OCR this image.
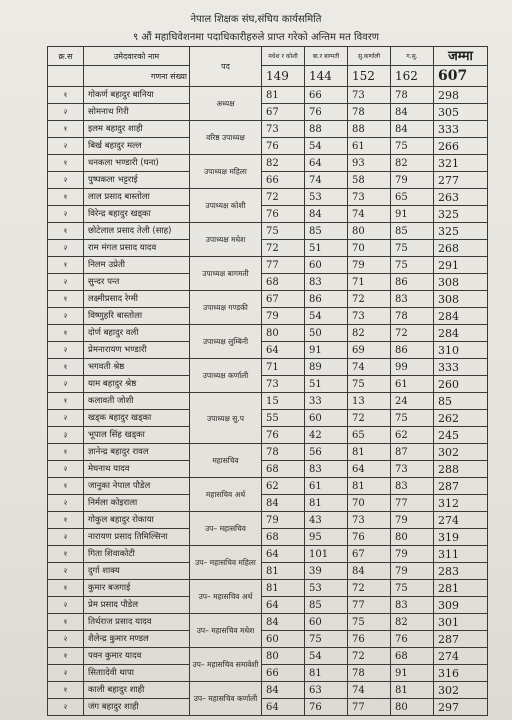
नेपाल शिक्षक संघ,संघिय कार्यसमिति
९ औं महाधिवेशनमा पदाधिकारीहरुले प्राप्त गरेको अन्तिम मत विवरण
क्र.स	उमेदवारको नाम	पद	मधेश र कोशी	बा.र बाग्मती	सु.कर्णाली	ग.सु.	जम्मा
	गणना संख्या		149	144	152	162	607
१	गोकर्ण बहादुर बानिया	अध्यक्ष	81	66	73	78	298
२	सोमनाथ गिरी		67	76	78	84	305
१	इलम बहादुर शाही	वरिष्ठ उपाध्यक्ष	73	88	88	84	333
२	बिर्ख बहादुर मल्ल		76	54	61	75	266
१	धनकला भण्डारी (घना)	उपाध्यक्ष महिला	82	64	93	82	321
२	पुष्पकला भट्टराई		66	74	58	79	277
१	लाल प्रसाद बास्तोला	उपाध्यक्ष कोशी	72	53	73	65	263
२	विरेन्द्र बहादुर खड्का		76	84	74	91	325
१	छोटेलाल प्रसाद तेली (साह)	उपाध्यक्ष मधेश	75	85	80	85	325
२	राम मंगल प्रसाद यादव		72	51	70	75	268
१	निलम उप्रेती	उपाध्यक्ष बागमती	77	60	79	75	291
२	सुन्दर पन्त		68	83	71	86	308
१	लक्ष्मीप्रसाद रेग्मी	उपाध्यक्ष गण्डकी	67	86	72	83	308
२	विष्णुहरि बास्तोला		79	54	73	78	284
१	दोर्ण बहादुर वली	उपाध्यक्ष लुम्बिनी	80	50	82	72	284
२	प्रेमनारायण भण्डारी		64	91	69	86	310
१	भगवती श्रेष्ठ	उपाध्यक्ष कर्णाली	71	89	74	99	333
२	याम बहादुर श्रेष्ठ		73	51	75	61	260
१	कलावती जोशी	उपाध्यक्ष सु.प	15	33	13	24	85
२	खड्क बहादुर खड्का		55	60	72	75	262
३	भूपाल सिंह खड्का		76	42	65	62	245
१	ज्ञानेन्द्र बहादुर रावल	महासचिव	78	56	81	87	302
२	मेघनाथ यादव		68	83	64	73	288
१	जानुका नेपाल पौडेल	महासचिव अर्थ	62	61	81	83	287
२	निर्मला कोइराला		84	81	70	77	312
१	गोकुल बहादुर रोकाया	उप– महासचिव	79	43	73	79	274
२	नारायण प्रसाद तिमिल्सिना		68	95	76	80	319
१	गिता शिवाकोटी	उप– महासचिव महिला	64	101	67	79	311
२	दुर्गा शाक्य		81	39	84	79	283
१	कुमार बजगाई	उप– महासचिव अर्थ	81	53	72	75	281
२	प्रेम प्रसाद पौडेल		64	85	77	83	309
१	तिर्थराज प्रसाद यादव	उप– महासचिव मधेश	84	60	75	82	301
२	शैलेन्द्र कुमार मण्डल		60	75	76	76	287
१	पवन कुमार यादव	उप– महासचिव समावेशी	80	54	72	68	274
२	सिताादेवी थापा		66	81	78	91	316
१	काली बहादुर शाही	उप– महासचिव कर्णाली	84	63	74	81	302
२	जंग बहादुर शाही		64	76	77	80	297
